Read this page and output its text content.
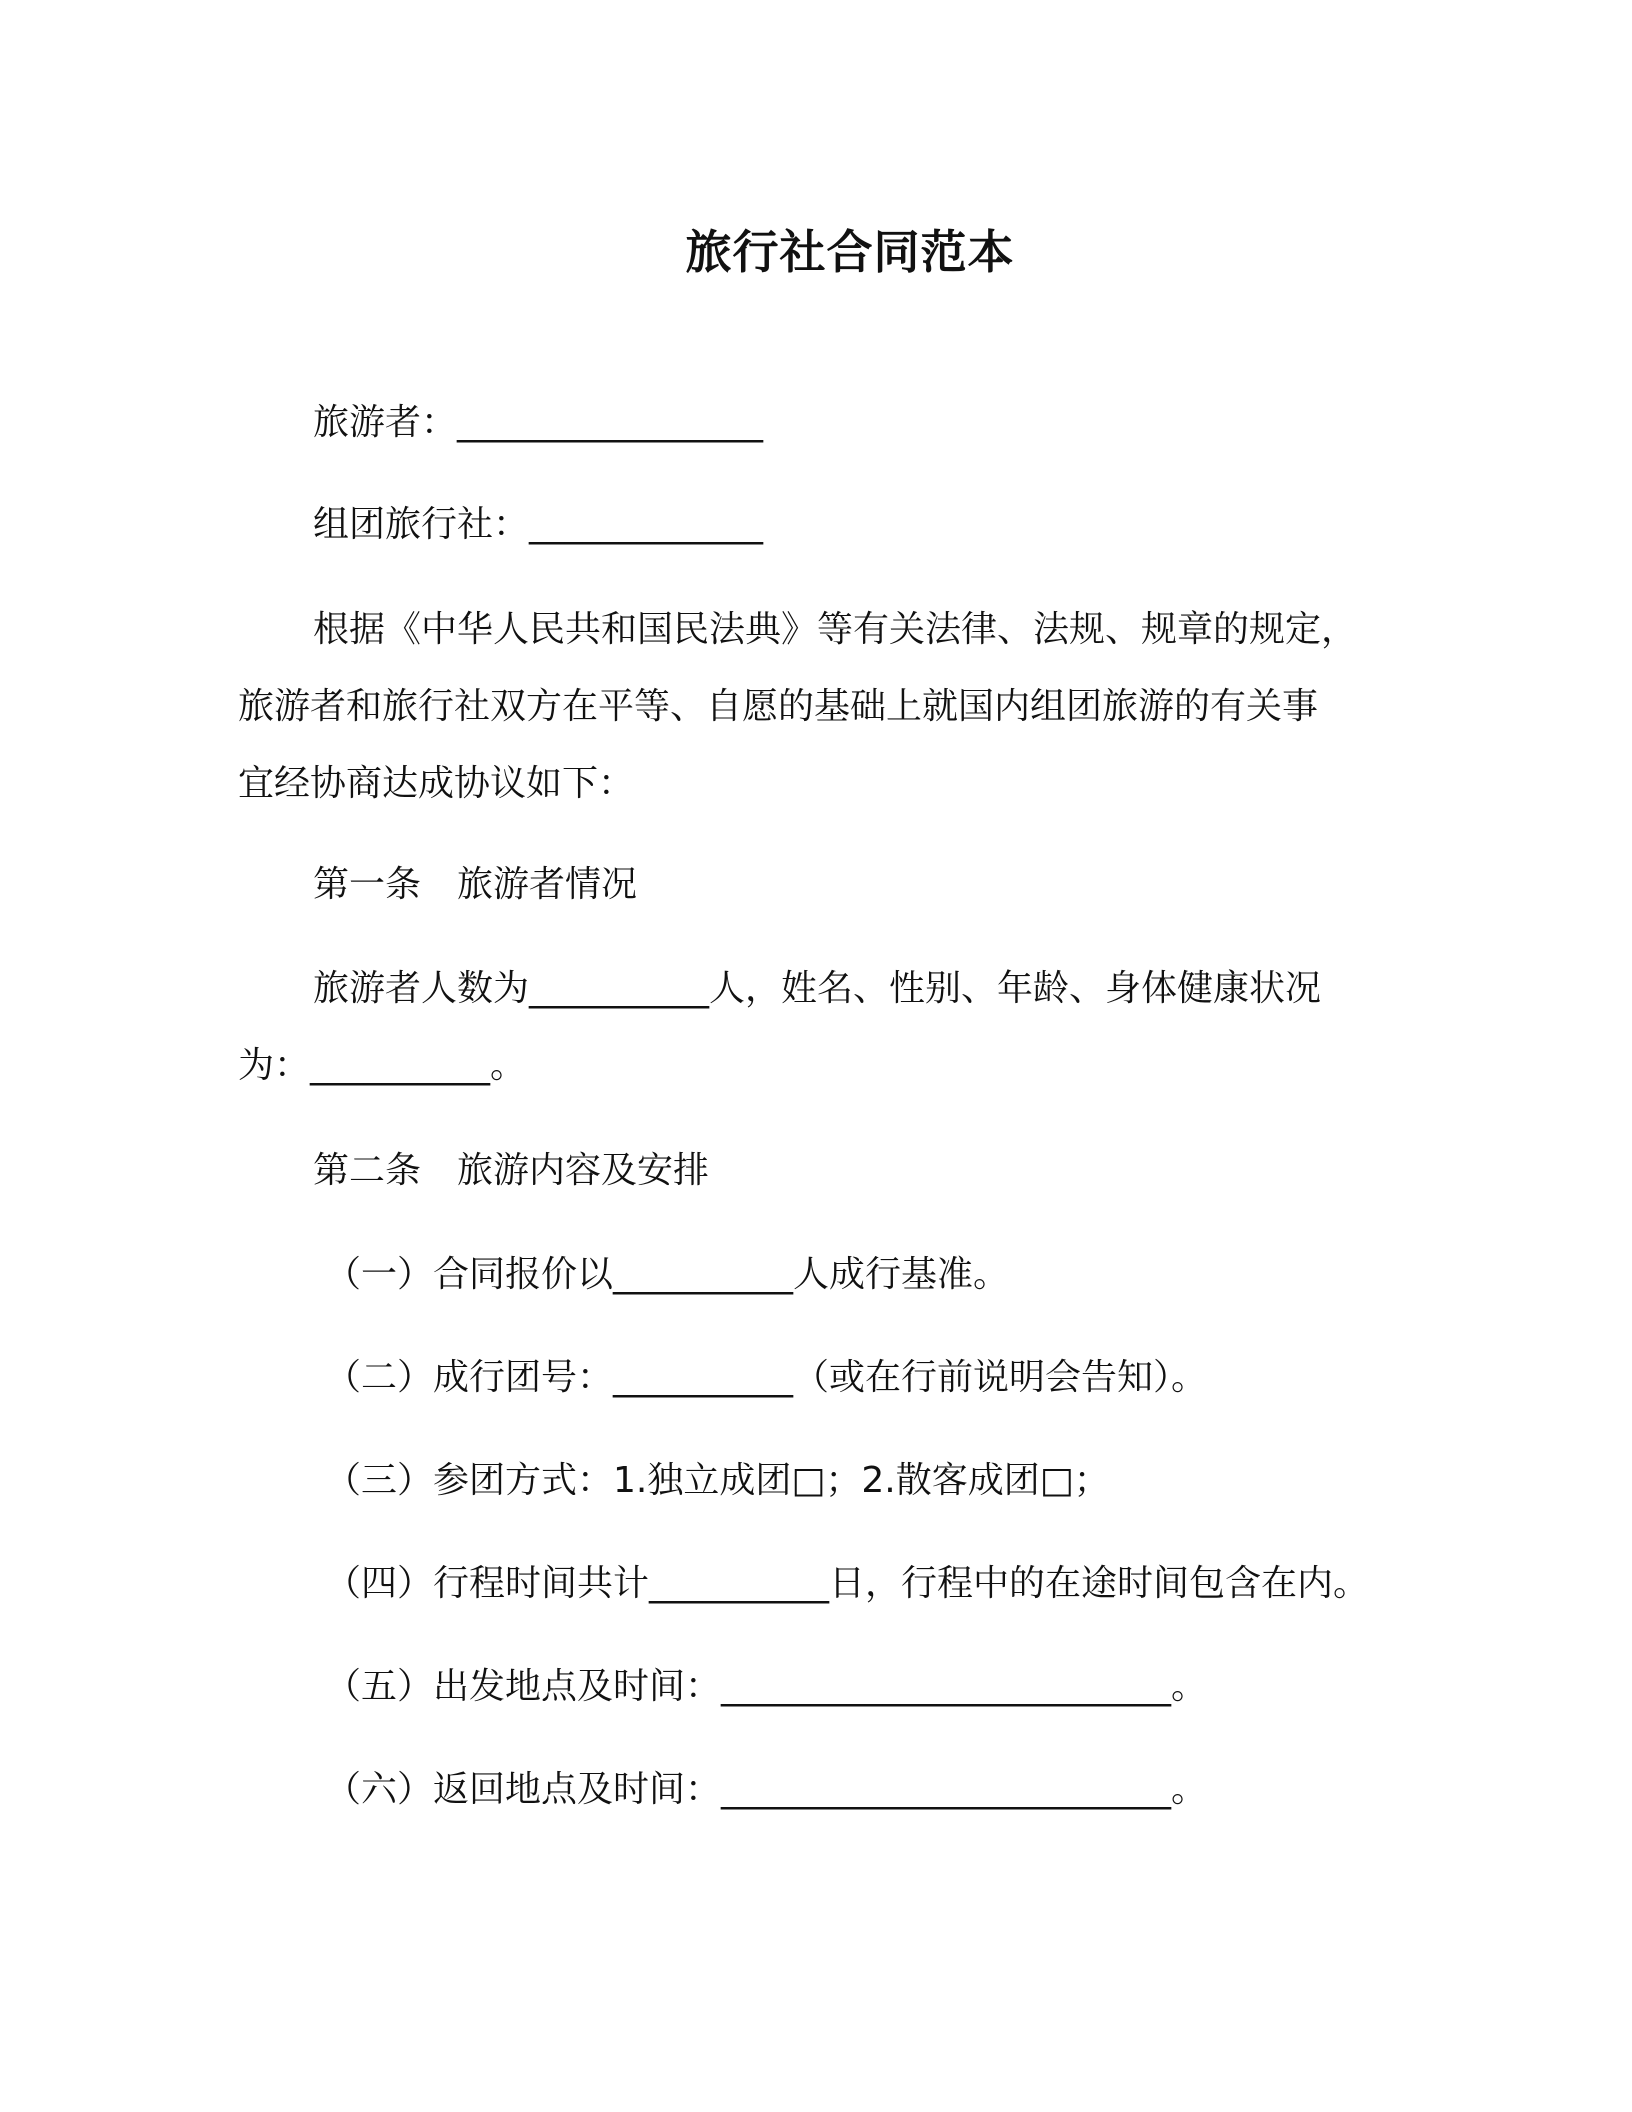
旅行社合同范本
旅游者：_________________
组团旅行社：_____________
根据《中华人民共和国民法典》等有关法律、法规、规章的规定，
旅游者和旅行社双方在平等、自愿的基础上就国内组团旅游的有关事
宜经协商达成协议如下：
第一条　旅游者情况
旅游者人数为__________人，姓名、性别、年龄、身体健康状况
为：__________。
第二条　旅游内容及安排
（一）合同报价以__________人成行基准。
（二）成行团号：__________（或在行前说明会告知）。
（三）参团方式：1.独立成团□；2.散客成团□；
（四）行程时间共计__________日，行程中的在途时间包含在内。
（五）出发地点及时间：_________________________。
（六）返回地点及时间：_________________________。
